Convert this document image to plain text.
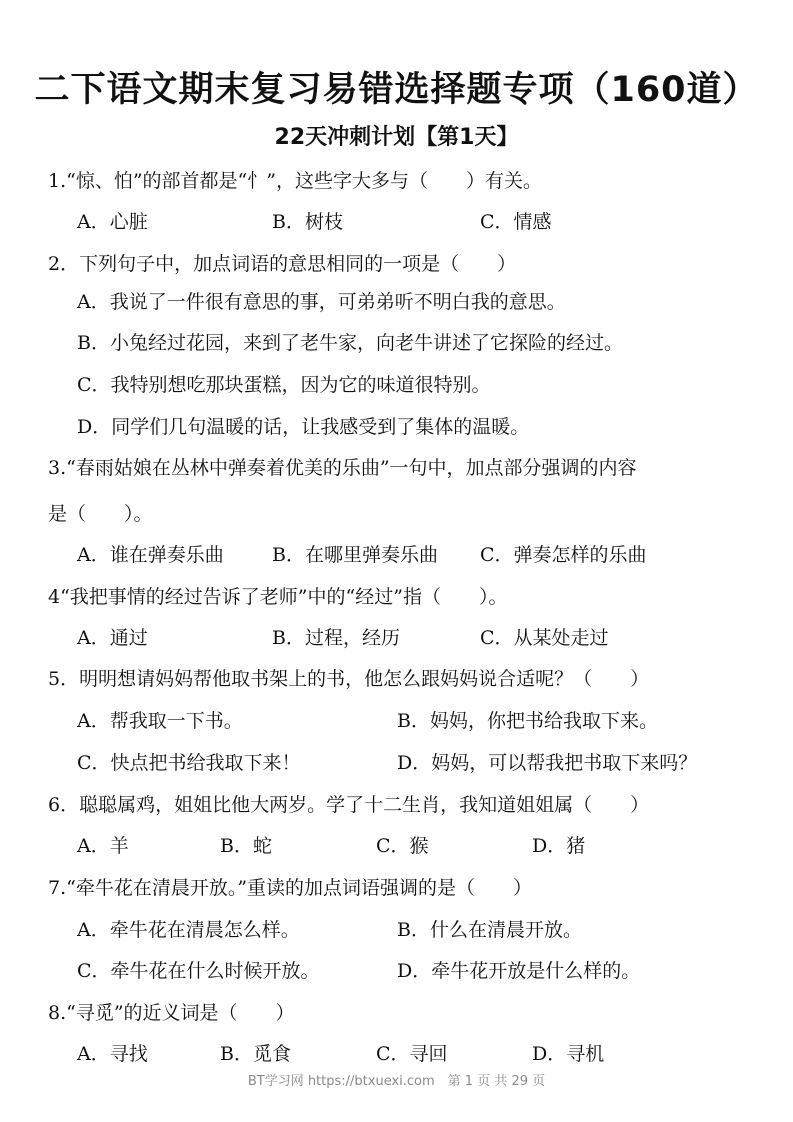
二下语文期末复习易错选择题专项（160道）
22天冲刺计划【第1天】
1.“惊、怕”的部首都是“忄”，这些字大多与（　　）有关。
A．心脏	B．树枝	C．情感
2．下列句子中，加点词语的意思相同的一项是（　　）
A．我说了一件很有意思的事，可弟弟听不明白我的意思。
B．小兔经过花园，来到了老牛家，向老牛讲述了它探险的经过。
C．我特别想吃那块蛋糕，因为它的味道很特别。
D．同学们几句温暖的话，让我感受到了集体的温暖。
3.“春雨姑娘在丛林中弹奏着优美的乐曲”一句中，加点部分强调的内容
是（　　）。
A．谁在弹奏乐曲	B．在哪里弹奏乐曲 C．弹奏怎样的乐曲
4“我把事情的经过告诉了老师”中的“经过”指（　　）。
A．通过	B．过程，经历	C．从某处走过
5．明明想请妈妈帮他取书架上的书，他怎么跟妈妈说合适呢？（　　）
A．帮我取一下书。	B．妈妈，你把书给我取下来。
C．快点把书给我取下来！	D．妈妈，可以帮我把书取下来吗？
6．聪聪属鸡，姐姐比他大两岁。学了十二生肖，我知道姐姐属（　　）
A．羊	B．蛇	C．猴	D．猪
7.“牵牛花在清晨开放。”重读的加点词语强调的是（　　）
A．牵牛花在清晨怎么样。	B．什么在清晨开放。
C．牵牛花在什么时候开放。	D．牵牛花开放是什么样的。
8.“寻觅”的近义词是（　　）
A．寻找	B．觅食	C．寻回	D．寻机
BT学习网 https://btxuexi.com　第 1 页 共 29 页
